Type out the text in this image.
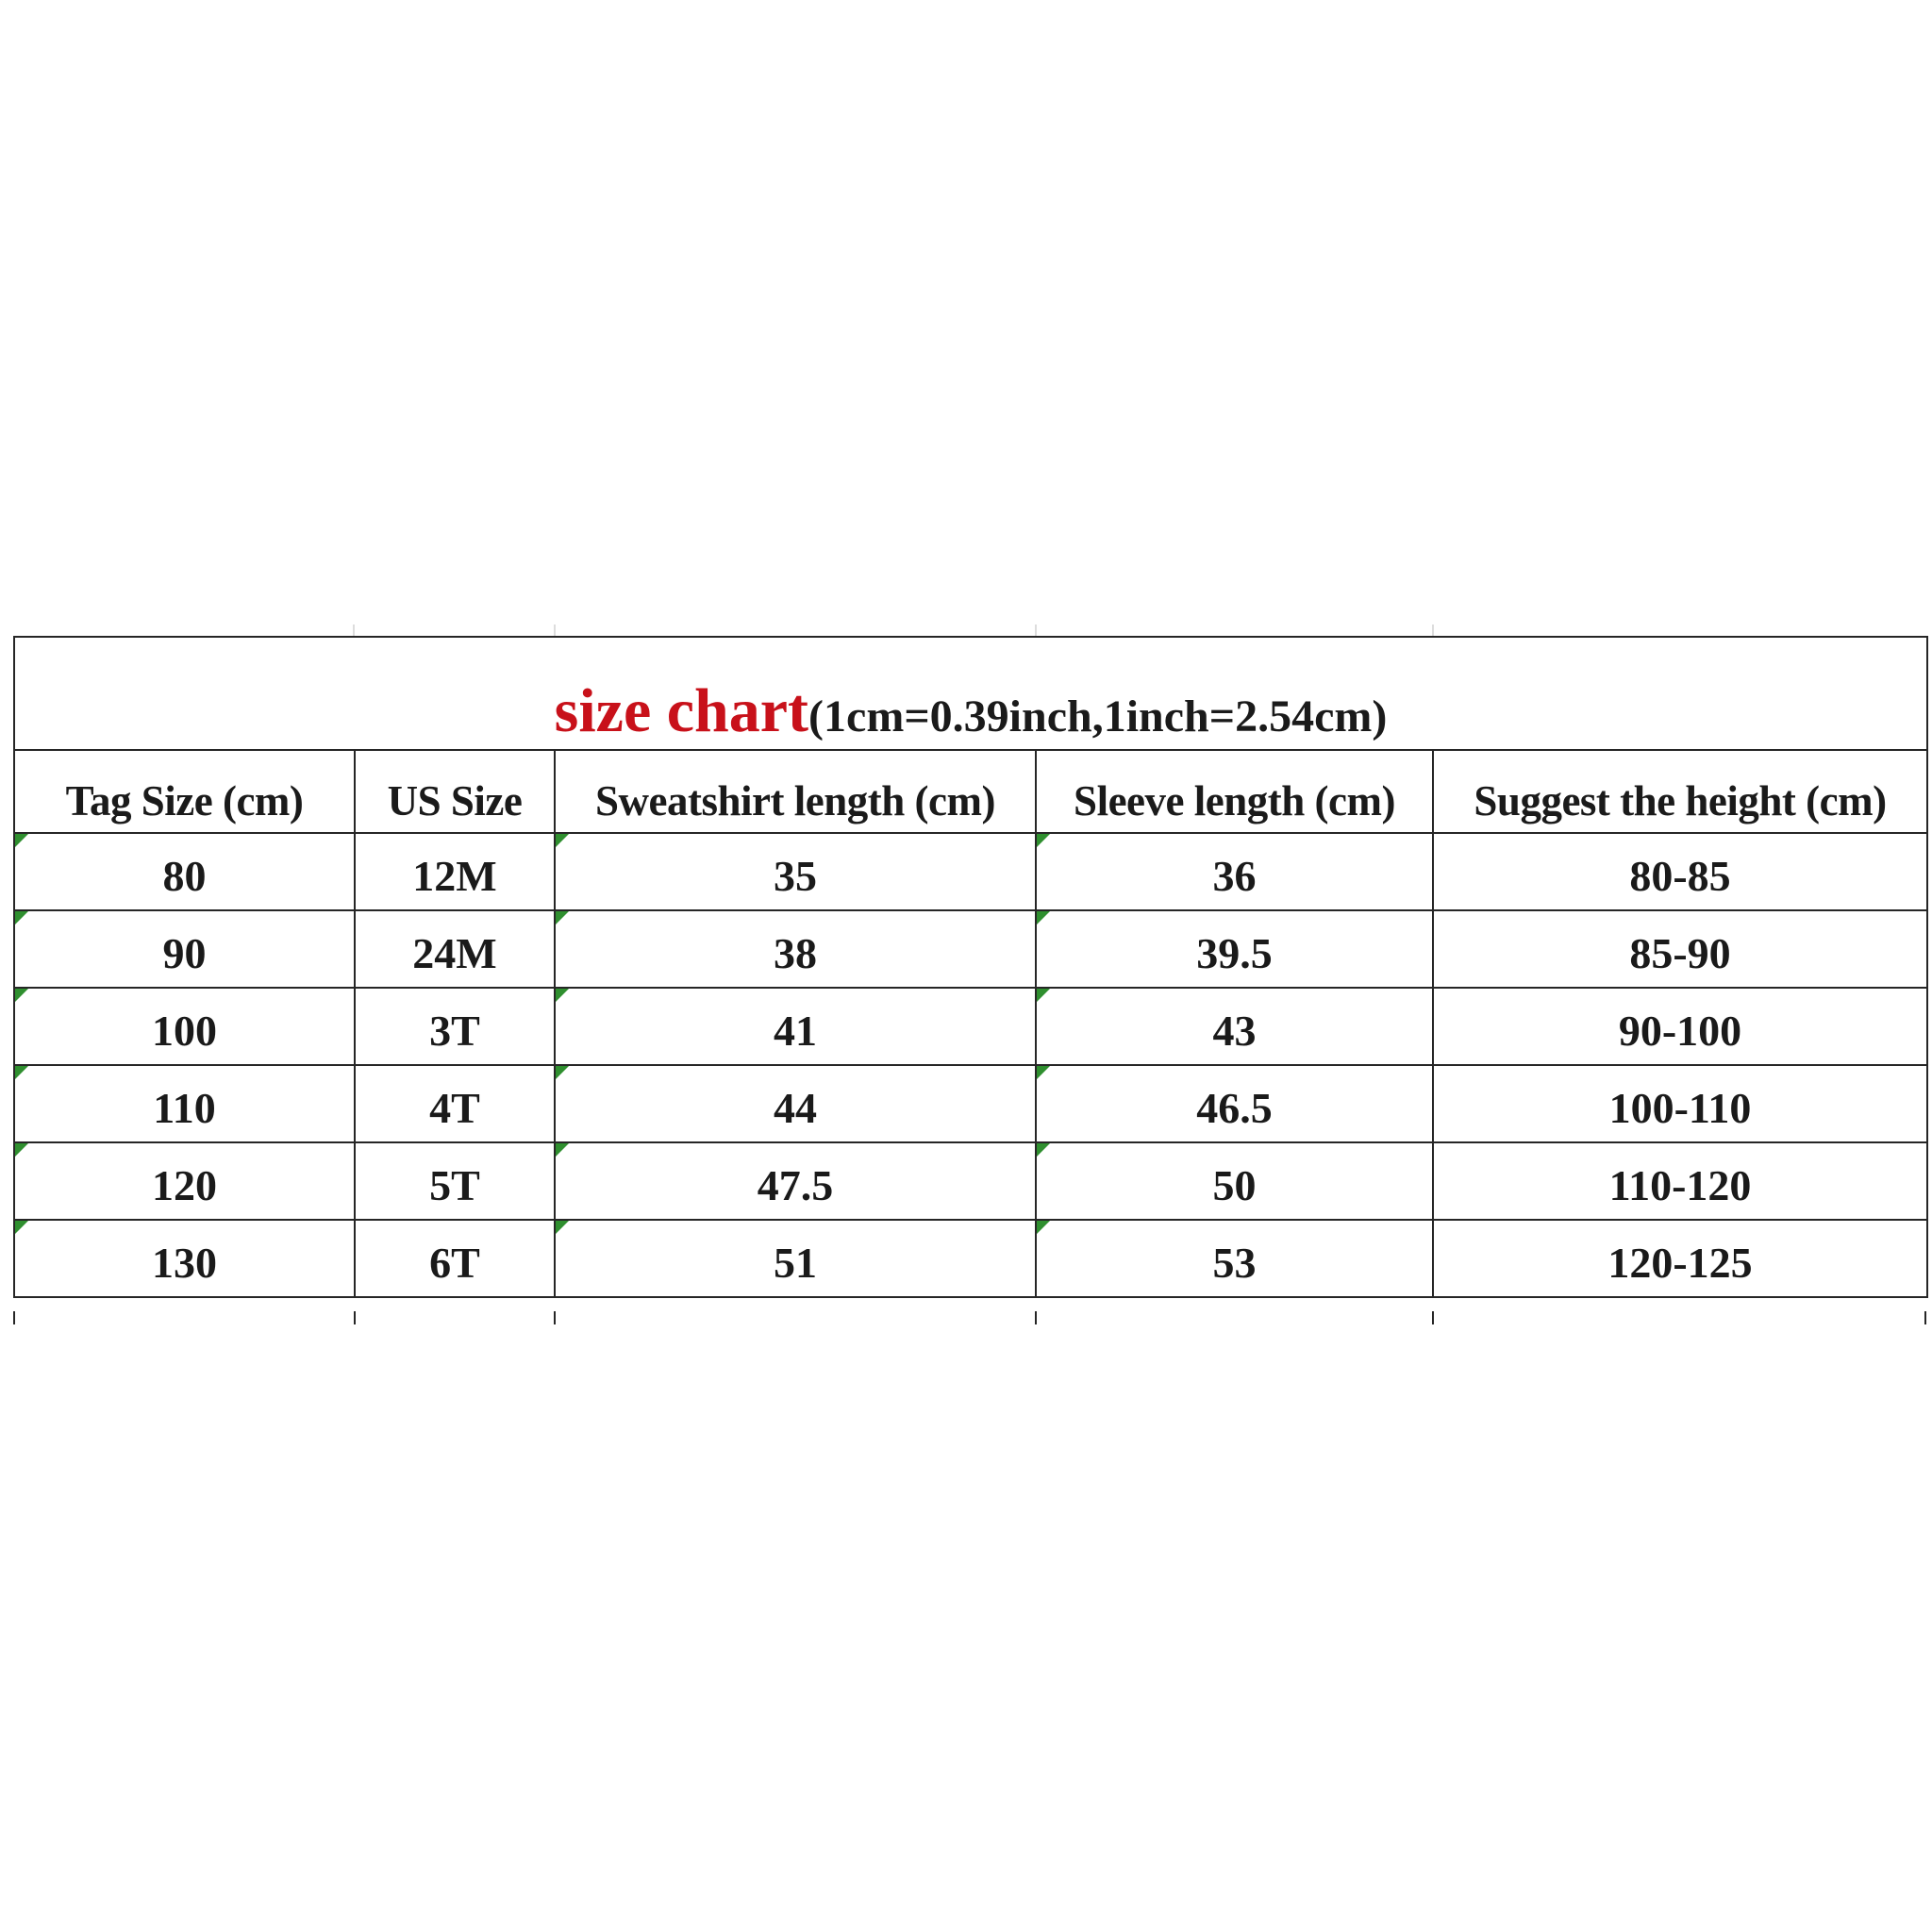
size chart(1cm=0.39inch,1inch=2.54cm)				

Tag Size (cm)	US Size	Sweatshirt length (cm)	Sleeve length (cm)	Suggest the height (cm)

80	12M	35	36	80-85

90	24M	38	39.5	85-90

100	3T	41	43	90-100

110	4T	44	46.5	100-110

120	5T	47.5	50	110-120

130	6T	51	53	120-125
